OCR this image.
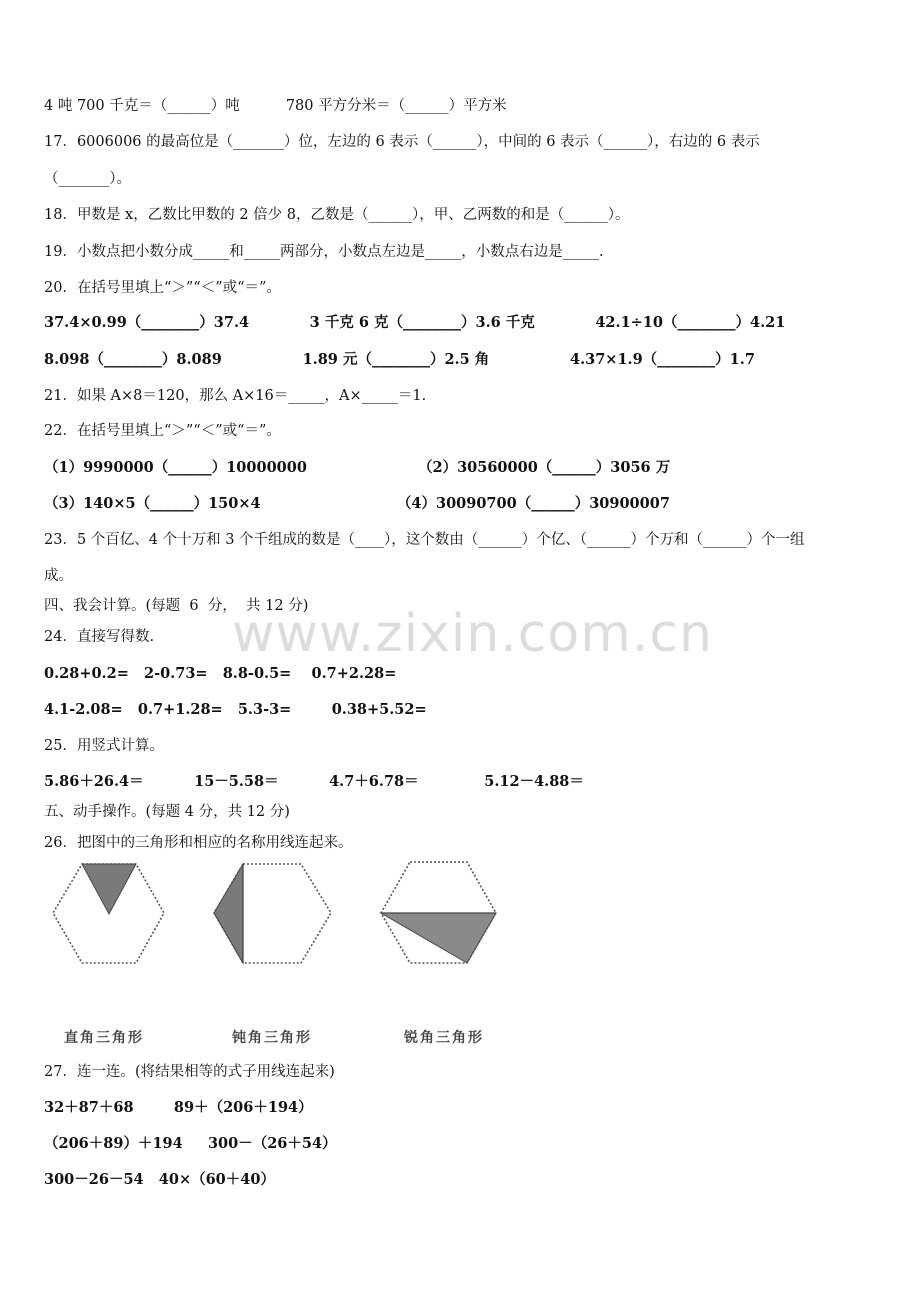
4 吨 700 千克＝（______）吨          780 平方分米＝（______）平方米
17．6006006 的最高位是（_______）位，左边的 6 表示（______），中间的 6 表示（______），右边的 6 表示
（_______）。
18．甲数是 x，乙数比甲数的 2 倍少 8，乙数是（______），甲、乙两数的和是（______）。
19．小数点把小数分成_____和_____两部分，小数点左边是_____，小数点右边是_____.
20．在括号里填上“＞”“＜”或“＝”。
37.4×0.99（________）37.4            3 千克 6 克（________）3.6 千克            42.1÷10（________）4.21
8.098（________）8.089                1.89 元（________）2.5 角                4.37×1.9（________）1.7
21．如果 A×8＝120，那么 A×16＝_____，A×_____＝1.
22．在括号里填上“＞”“＜”或“＝”。
（1）9990000（______）10000000                      （2）30560000（______）3056 万
（3）140×5（______）150×4                           （4）30090700（______）30900007
23．5 个百亿、4 个十万和 3 个千组成的数是（____），这个数由（______）个亿、（______）个万和（______）个一组
成。
四、我会计算。(每题  6  分，  共 12 分)
24．直接写得数.
0.28+0.2=   2-0.73=   8.8-0.5=    0.7+2.28=
4.1-2.08=   0.7+1.28=   5.3-3=        0.38+5.52=
25．用竖式计算。
5.86＋26.4＝          15－5.58＝          4.7＋6.78＝             5.12－4.88＝
五、动手操作。(每题 4 分，共 12 分)
26．把图中的三角形和相应的名称用线连起来。
www.zixin.com.cn
直角三角形	钝角三角形	锐角三角形
27．连一连。(将结果相等的式子用线连起来)
32＋87＋68        89＋（206＋194）
（206＋89）＋194     300－（26＋54）
300－26－54   40×（60＋40）
